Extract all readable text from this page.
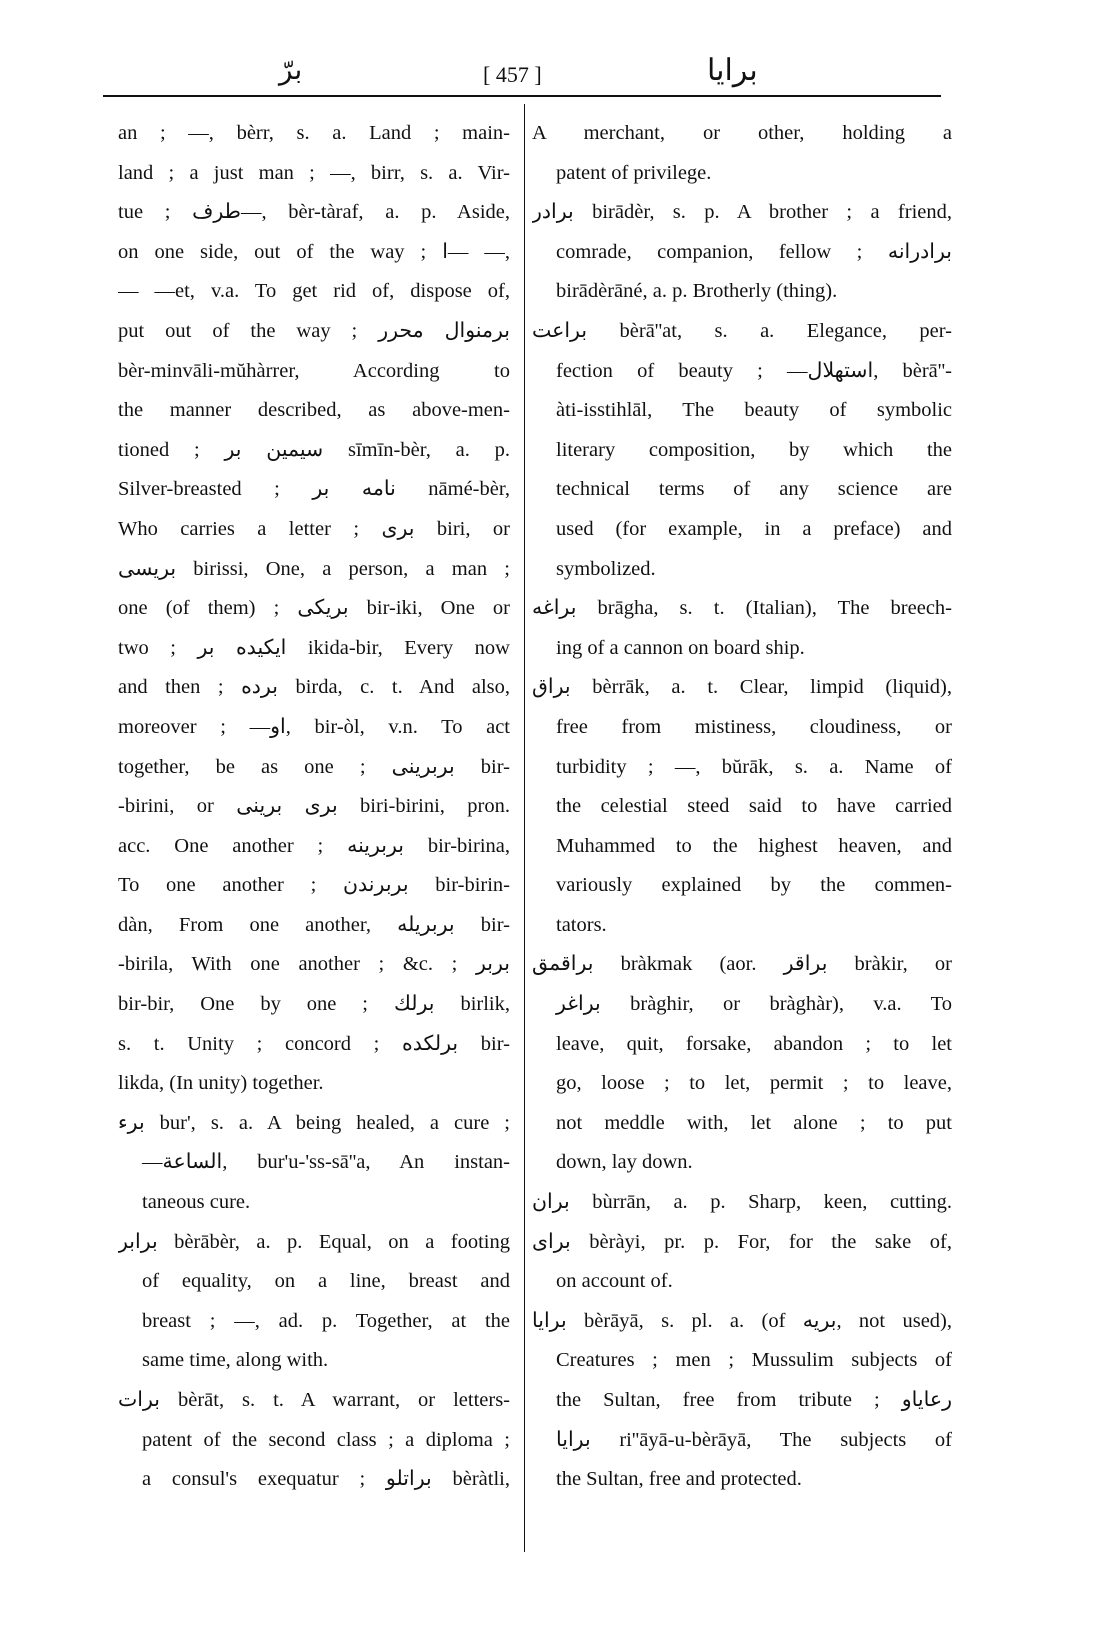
برّ	[ 457 ]	برایا
an ; —, bèrr, s. a. Land ; main-
land ; a just man ; —, birr, s. a. Vir-
tue ; طرف—, bèr-tàraf, a. p. Aside,
on one side, out of the way ; ا— —,
— —et, v.a. To get rid of, dispose of,
put out of the way ; برمنوال محرر
bèr-minvāli-mŭhàrrer, According to
the manner described, as above-men-
tioned ; سیمین بر sīmīn-bèr, a. p.
Silver-breasted ; نامه بر nāmé-bèr,
Who carries a letter ; بری biri, or
بریسی birissi, One, a person, a man ;
one (of them) ; بریکی bir-iki, One or
two ; ایکیده بر ikida-bir, Every now
and then ; برده birda, c. t. And also,
moreover ; —او, bir-òl, v.n. To act
together, be as one ; بربرینی bir-
-birini, or بری برینی biri-birini, pron.
acc. One another ; بربرینه bir-birina,
To one another ; بربرندن bir-birin-
dàn, From one another, بربریله bir-
-birila, With one another ; &c. ; بربر
bir-bir, One by one ; برلك birlik,
s. t. Unity ; concord ; برلکده bir-
likda, (In unity) together.
برء bur', s. a. A being healed, a cure ;
—الساعة, bur'u-'ss-sā''a, An instan-
taneous cure.
برابر bèrābèr, a. p. Equal, on a footing
of equality, on a line, breast and
breast ; —, ad. p. Together, at the
same time, along with.
برات bèrāt, s. t. A warrant, or letters-
patent of the second class ; a diploma ;
a consul's exequatur ; براتلو bèràtli,
A merchant, or other, holding a
patent of privilege.
برادر birādèr, s. p. A brother ; a friend,
comrade, companion, fellow ; برادرانه
birādèrāné, a. p. Brotherly (thing).
براعت bèrā''at, s. a. Elegance, per-
fection of beauty ; —استهلال, bèrā''-
àti-isstihlāl, The beauty of symbolic
literary composition, by which the
technical terms of any science are
used (for example, in a preface) and
symbolized.
براغه brāgha, s. t. (Italian), The breech-
ing of a cannon on board ship.
براق bèrrāk, a. t. Clear, limpid (liquid),
free from mistiness, cloudiness, or
turbidity ; —, bŭrāk, s. a. Name of
the celestial steed said to have carried
Muhammed to the highest heaven, and
variously explained by the commen-
tators.
براقمق bràkmak (aor. براقر bràkir, or
براغر bràghir, or bràghàr), v.a. To
leave, quit, forsake, abandon ; to let
go, loose ; to let, permit ; to leave,
not meddle with, let alone ; to put
down, lay down.
بران bùrrān, a. p. Sharp, keen, cutting.
برای bèràyi, pr. p. For, for the sake of,
on account of.
برایا bèrāyā, s. pl. a. (of بریه, not used),
Creatures ; men ; Mussulim subjects of
the Sultan, free from tribute ; رعایاو
برایا ri''āyā-u-bèrāyā, The subjects of
the Sultan, free and protected.
